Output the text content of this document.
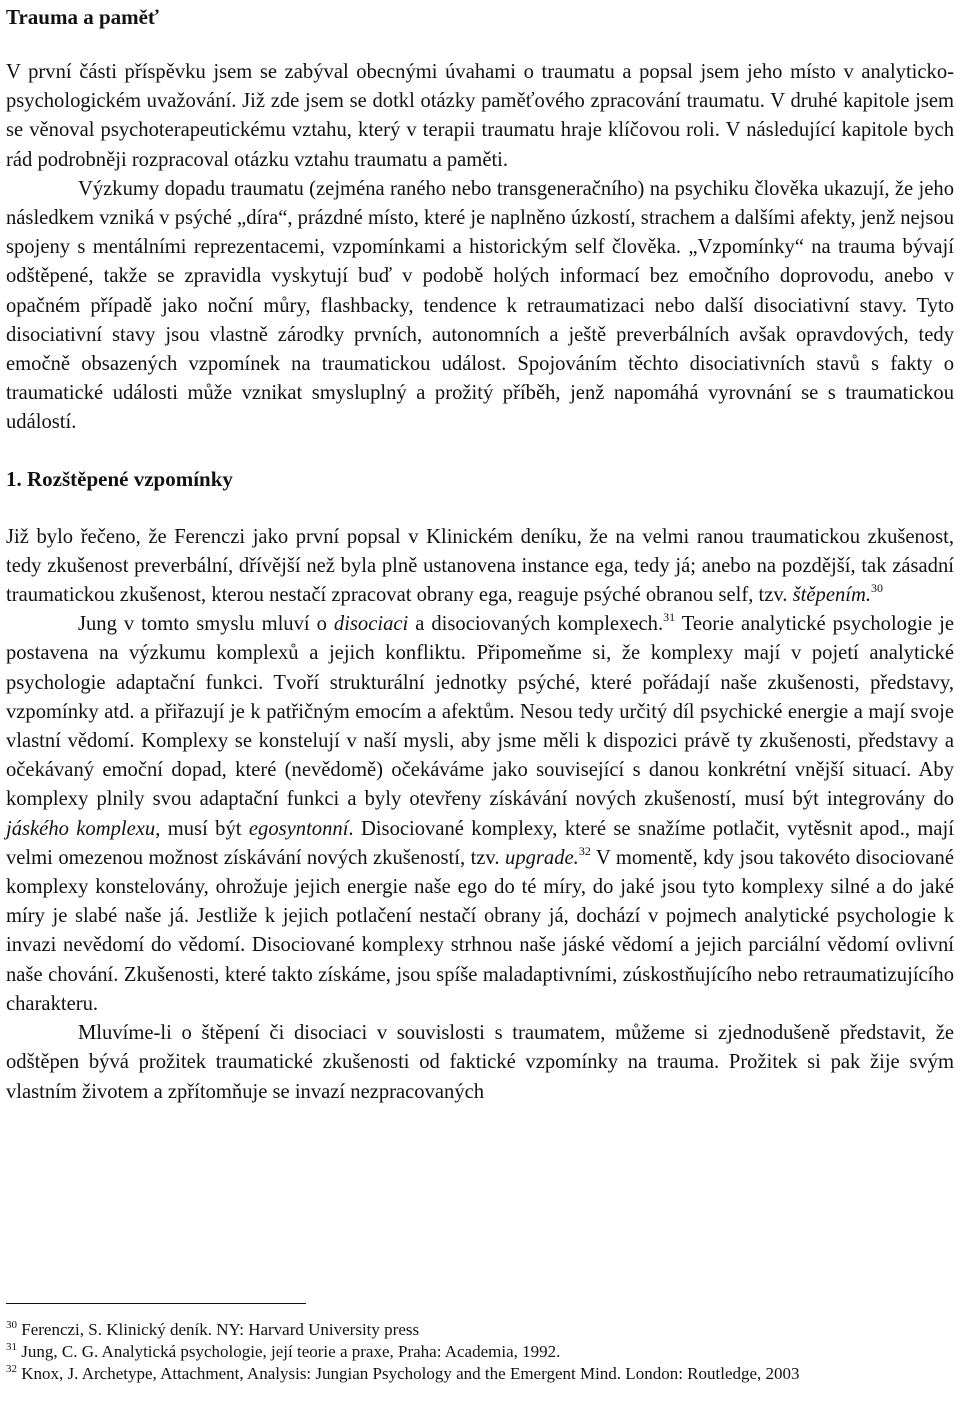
Trauma a paměť

V první části příspěvku jsem se zabýval obecnými úvahami o traumatu a popsal jsem jeho místo v analyticko-psychologickém uvažování. Již zde jsem se dotkl otázky paměťového zpracování traumatu. V druhé kapitole jsem se věnoval psychoterapeutickému vztahu, který v terapii traumatu hraje klíčovou roli. V následující kapitole bych rád podrobněji rozpracoval otázku vztahu traumatu a paměti.

Výzkumy dopadu traumatu (zejména raného nebo transgeneračního) na psychiku člověka ukazují, že jeho následkem vzniká v psýché „díra“, prázdné místo, které je naplněno úzkostí, strachem a dalšími afekty, jenž nejsou spojeny s mentálními reprezentacemi, vzpomínkami a historickým self člověka. „Vzpomínky“ na trauma bývají odštěpené, takže se zpravidla vyskytují buď v podobě holých informací bez emočního doprovodu, anebo v opačném případě jako noční můry, flashbacky, tendence k retraumatizaci nebo další disociativní stavy. Tyto disociativní stavy jsou vlastně zárodky prvních, autonomních a ještě preverbálních avšak opravdových, tedy emočně obsazených vzpomínek na traumatickou událost. Spojováním těchto disociativních stavů s fakty o traumatické události může vznikat smysluplný a prožitý příběh, jenž napomáhá vyrovnání se s traumatickou událostí.

1. Rozštěpené vzpomínky

Již bylo řečeno, že Ferenczi jako první popsal v Klinickém deníku, že na velmi ranou traumatickou zkušenost, tedy zkušenost preverbální, dřívější než byla plně ustanovena instance ega, tedy já; anebo na pozdější, tak zásadní traumatickou zkušenost, kterou nestačí zpracovat obrany ega, reaguje psýché obranou self, tzv. štěpením.$^{30}$

Jung v tomto smyslu mluví o disociaci a disociovaných komplexech.$^{31}$ Teorie analytické psychologie je postavena na výzkumu komplexů a jejich konfliktu. Připomeňme si, že komplexy mají v pojetí analytické psychologie adaptační funkci. Tvoří strukturální jednotky psýché, které pořádají naše zkušenosti, představy, vzpomínky atd. a přiřazují je k patřičným emocím a afektům. Nesou tedy určitý díl psychické energie a mají svoje vlastní vědomí. Komplexy se konstelují v naší mysli, aby jsme měli k dispozici právě ty zkušenosti, představy a očekávaný emoční dopad, které (nevědomě) očekáváme jako související s danou konkrétní vnější situací. Aby komplexy plnily svou adaptační funkci a byly otevřeny získávání nových zkušeností, musí být integrovány do jáského komplexu, musí být egosyntonní. Disociované komplexy, které se snažíme potlačit, vytěsnit apod., mají velmi omezenou možnost získávání nových zkušeností, tzv. upgrade.$^{32}$ V momentě, kdy jsou takovéto disociované komplexy konstelovány, ohrožuje jejich energie naše ego do té míry, do jaké jsou tyto komplexy silné a do jaké míry je slabé naše já. Jestliže k jejich potlačení nestačí obrany já, dochází v pojmech analytické psychologie k invazi nevědomí do vědomí. Disociované komplexy strhnou naše jáské vědomí a jejich parciální vědomí ovlivní naše chování. Zkušenosti, které takto získáme, jsou spíše maladaptivními, zúskostňujícího nebo retraumatizujícího charakteru.

Mluvíme-li o štěpení či disociaci v souvislosti s traumatem, můžeme si zjednodušeně představit, že odštěpen bývá prožitek traumatické zkušenosti od faktické vzpomínky na trauma. Prožitek si pak žije svým vlastním životem a zpřítomňuje se invazí nezpracovaných

$^{30}$ Ferenczi, S. Klinický deník. NY: Harvard University press
$^{31}$ Jung, C. G. Analytická psychologie, její teorie a praxe, Praha: Academia, 1992.
$^{32}$ Knox, J. Archetype, Attachment, Analysis: Jungian Psychology and the Emergent Mind. London: Routledge, 2003
